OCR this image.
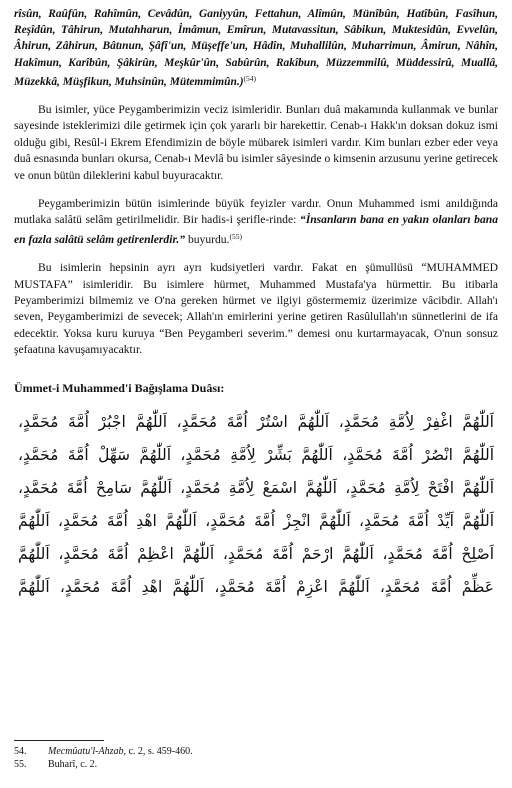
rîsûn, Raûfûn, Rahîmûn, Cevâdûn, Ganiyyûn, Fettahun, Alîmûn, Münîbûn, Hatîbûn, Fasîhun, Reşîdûn, Tâhirun, Mutahharun, İmâmun, Emîrun, Mutavassitun, Sâbikun, Muktesidûn, Evvelûn, Âhirun, Zâhirun, Bâtınun, Şâfî'un, Müşeffe'un, Hâdîn, Muhallilûn, Muharrimun, Âmirun, Nâhîn, Hakîmun, Karîbûn, Şâkirûn, Meşkûr'ûn, Sabûrûn, Rakîbun, Müzzemmilû, Müddessirû, Muallâ, Müzekkâ, Müşfikun, Muhsinûn, Mütemmimûn.)$^{(54)}$

Bu isimler, yüce Peygamberimizin veciz isimleridir. Bunları duâ makamında kullanmak ve bunlar sayesinde isteklerimizi dile getirmek için çok yararlı bir harekettir. Cenab-ı Hakk'ın doksan dokuz ismi olduğu gibi, Resûl-i Ekrem Efendimizin de böyle mübarek isimleri vardır. Kim bunları ezber eder veya duâ esnasında bunları okursa, Cenab-ı Mevlâ bu isimler sâyesinde o kimsenin arzusunu yerine getirecek ve onun bütün dileklerini kabul buyuracaktır.

Peygamberimizin bütün isimlerinde büyük feyizler vardır. Onun Muhammed ismi anıldığında mutlaka salâtü selâm getirilmelidir. Bir hadis-i şerifle-rinde: “İnsanların bana en yakın olanları bana en fazla salâtü selâm getirenlerdir.” buyurdu.$^{(55)}$

Bu isimlerin hepsinin ayrı ayrı kudsiyetleri vardır. Fakat en şümullüsü “MUHAMMED MUSTAFA” isimleridir. Bu isimlere hürmet, Muhammed Mustafa'ya hürmettir. Bu itibarla Peyamberimizi bilmemiz ve O'na gereken hürmet ve ilgiyi göstermemiz üzerimize vâcibdir. Allah'ı seven, Peygamberimizi de sevecek; Allah'ın emirlerini yerine getiren Rasûlullah'ın sünnetlerini de ifa edecektir. Yoksa kuru kuruya “Ben Peygamberi severim.” demesi onu kurtarmayacak, O'nun sonsuz şefaatına kavuşamıyacaktır.

Ümmet-i Muhammed'i Bağışlama Duâsı:
اَللّٰهُمَّ اغْفِرْ لِاُمَّةِ مُحَمَّدٍ، اَللّٰهُمَّ اسْتُرْ اُمَّةَ مُحَمَّدٍ، اَللّٰهُمَّ اجْبُرْ اُمَّةَ مُحَمَّدٍ،
اَللّٰهُمَّ انْصُرْ اُمَّةَ مُحَمَّدٍ، اَللّٰهُمَّ بَشِّرْ لِاُمَّةِ مُحَمَّدٍ، اَللّٰهُمَّ سَهِّلْ اُمَّةَ مُحَمَّدٍ،
اَللّٰهُمَّ افْتَحْ لِاُمَّةِ مُحَمَّدٍ، اَللّٰهُمَّ اسْمَعْ لِاُمَّةِ مُحَمَّدٍ، اَللّٰهُمَّ سَامِحْ اُمَّةَ مُحَمَّدٍ،
اَللّٰهُمَّ اَيِّدْ اُمَّةَ مُحَمَّدٍ، اَللّٰهُمَّ انْجِزْ اُمَّةَ مُحَمَّدٍ، اَللّٰهُمَّ اهْدِ اُمَّةَ مُحَمَّدٍ، اَللّٰهُمَّ
اَصْلِحْ اُمَّةَ مُحَمَّدٍ، اَللّٰهُمَّ ارْحَمْ اُمَّةَ مُحَمَّدٍ، اَللّٰهُمَّ اعْظِمْ اُمَّةَ مُحَمَّدٍ، اَللّٰهُمَّ
عَظِّمْ اُمَّةَ مُحَمَّدٍ، اَللّٰهُمَّ اعْزِمْ اُمَّةَ مُحَمَّدٍ، اَللّٰهُمَّ اهْدِ اُمَّةَ مُحَمَّدٍ، اَللّٰهُمَّ
54.	Mecmûatu'l-Ahzab, c. 2, s. 459-460.
55.	Buharî, c. 2.
